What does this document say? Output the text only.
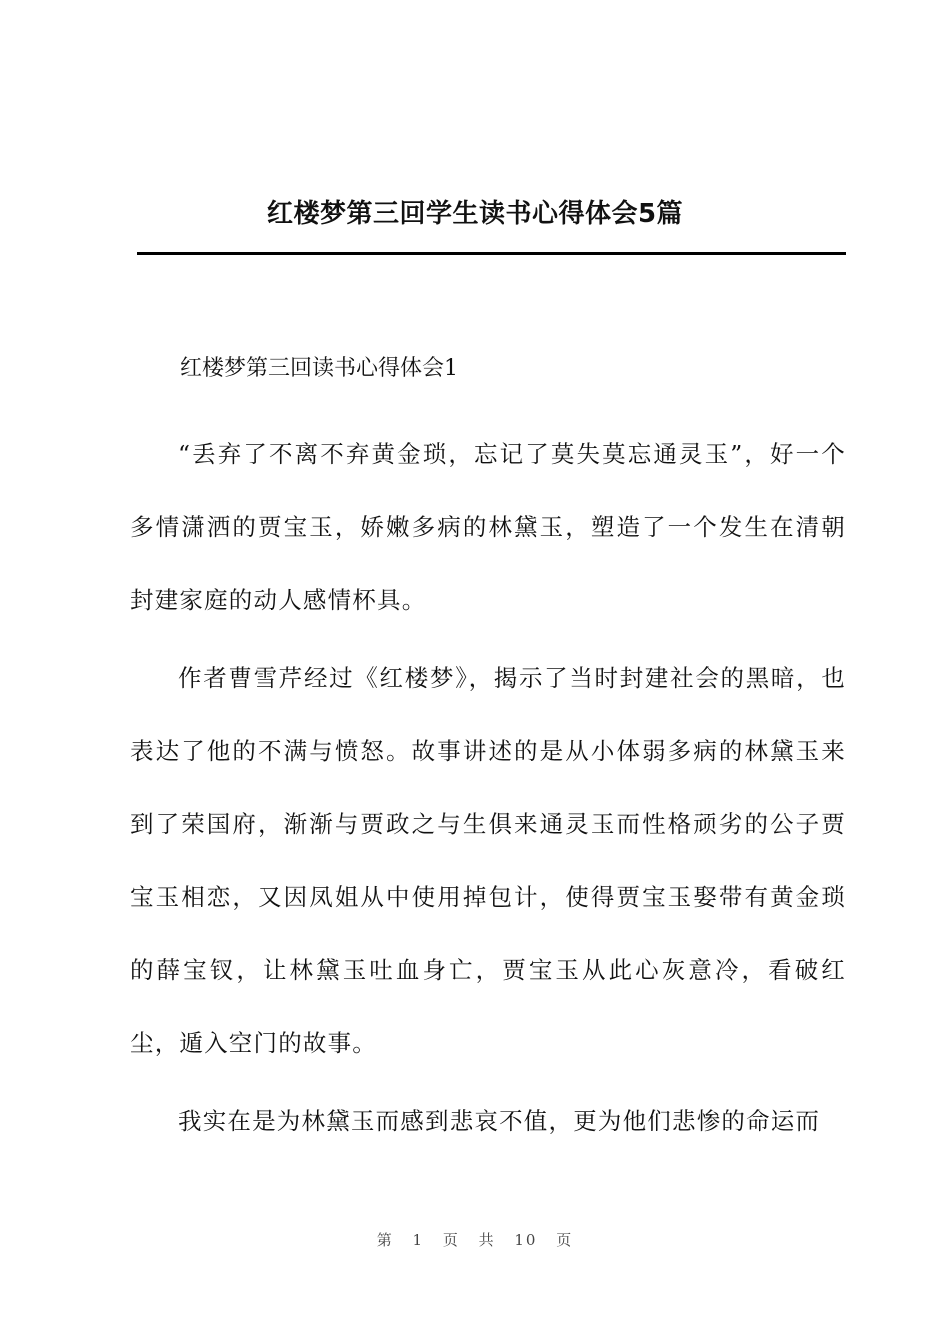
红楼梦第三回学生读书心得体会5篇

红楼梦第三回读书心得体会1

“丢弃了不离不弃黄金琐，忘记了莫失莫忘通灵玉”，好一个多情潇洒的贾宝玉，娇嫩多病的林黛玉，塑造了一个发生在清朝封建家庭的动人感情杯具。

作者曹雪芹经过《红楼梦》，揭示了当时封建社会的黑暗，也表达了他的不满与愤怒。故事讲述的是从小体弱多病的林黛玉来到了荣国府，渐渐与贾政之与生俱来通灵玉而性格顽劣的公子贾宝玉相恋，又因凤姐从中使用掉包计，使得贾宝玉娶带有黄金琐的薛宝钗，让林黛玉吐血身亡，贾宝玉从此心灰意冷，看破红尘，遁入空门的故事。

我实在是为林黛玉而感到悲哀不值，更为他们悲惨的命运而

第 1 页 共 10 页
